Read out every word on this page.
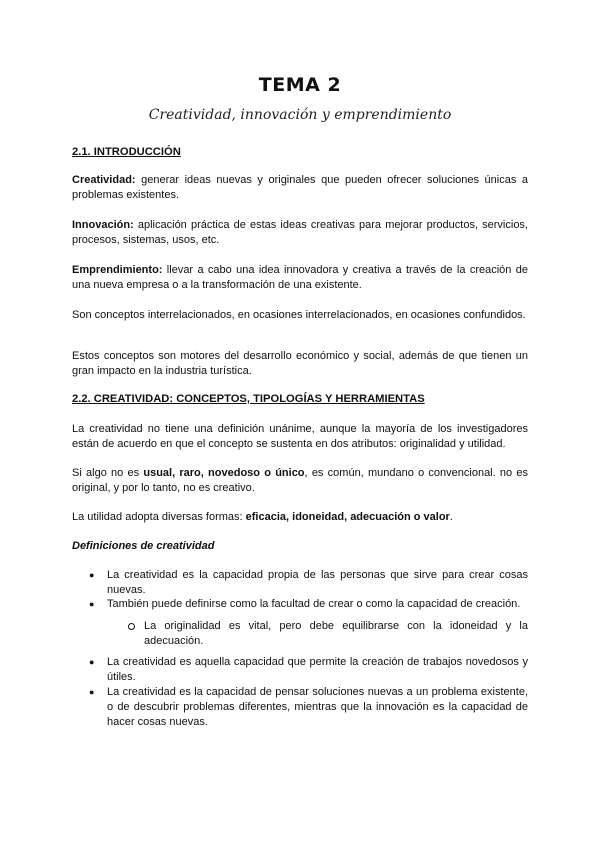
TEMA 2
Creatividad, innovación y emprendimiento
2.1. INTRODUCCIÓN
Creatividad: generar ideas nuevas y originales que pueden ofrecer soluciones únicas a problemas existentes.
Innovación: aplicación práctica de estas ideas creativas para mejorar productos, servicios, procesos, sistemas, usos, etc.
Emprendimiento: llevar a cabo una idea innovadora y creativa a través de la creación de una nueva empresa o a la transformación de una existente.
Son conceptos interrelacionados, en ocasiones interrelacionados, en ocasiones confundidos.
Estos conceptos son motores del desarrollo económico y social, además de que tienen un gran impacto en la industria turística.
2.2. CREATIVIDAD: CONCEPTOS, TIPOLOGÍAS Y HERRAMIENTAS
La creatividad no tiene una definición unánime, aunque la mayoría de los investigadores están de acuerdo en que el concepto se sustenta en dos atributos: originalidad y utilidad.
Si algo no es usual, raro, novedoso o único, es común, mundano o convencional. no es original, y por lo tanto, no es creativo.
La utilidad adopta diversas formas: eficacia, idoneidad, adecuación o valor.
Definiciones de creatividad
● La creatividad es la capacidad propia de las personas que sirve para crear cosas nuevas.
● También puede definirse como la facultad de crear o como la capacidad de creación.
La originalidad es vital, pero debe equilibrarse con la idoneidad y la adecuación.
● La creatividad es aquella capacidad que permite la creación de trabajos novedosos y útiles.
● La creatividad es la capacidad de pensar soluciones nuevas a un problema existente, o de descubrir problemas diferentes, mientras que la innovación es la capacidad de hacer cosas nuevas.
